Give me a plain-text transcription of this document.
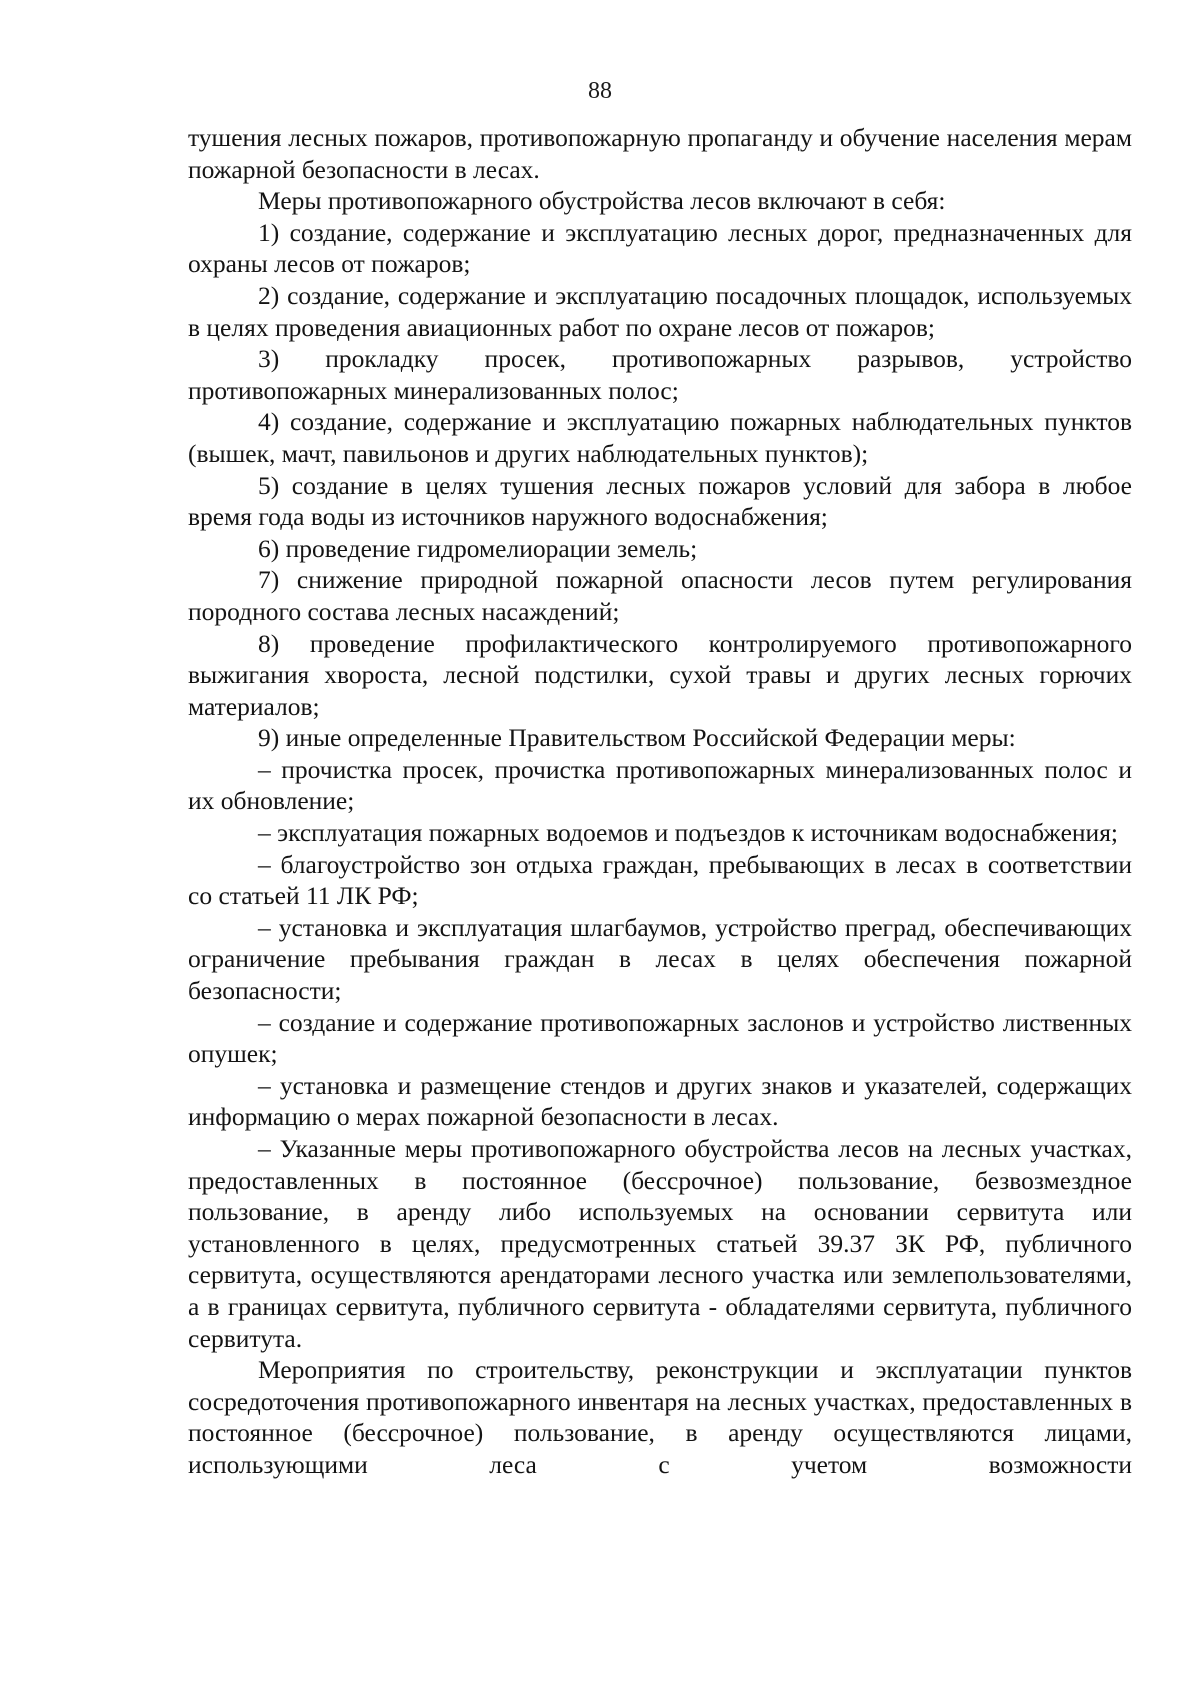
88

тушения лесных пожаров, противопожарную пропаганду и обучение населения мерам пожарной безопасности в лесах.

Меры противопожарного обустройства лесов включают в себя:

1) создание, содержание и эксплуатацию лесных дорог, предназначенных для охраны лесов от пожаров;

2) создание, содержание и эксплуатацию посадочных площадок, используемых в целях проведения авиационных работ по охране лесов от пожаров;

3) прокладку просек, противопожарных разрывов, устройство противопожарных минерализованных полос;

4) создание, содержание и эксплуатацию пожарных наблюдательных пунктов (вышек, мачт, павильонов и других наблюдательных пунктов);

5) создание в целях тушения лесных пожаров условий для забора в любое время года воды из источников наружного водоснабжения;

6) проведение гидромелиорации земель;

7) снижение природной пожарной опасности лесов путем регулирования породного состава лесных насаждений;

8) проведение профилактического контролируемого противопожарного выжигания хвороста, лесной подстилки, сухой травы и других лесных горючих материалов;

9) иные определенные Правительством Российской Федерации меры:

– прочистка просек, прочистка противопожарных минерализованных полос и их обновление;

– эксплуатация пожарных водоемов и подъездов к источникам водоснабжения;

– благоустройство зон отдыха граждан, пребывающих в лесах в соответствии со статьей 11 ЛК РФ;

– установка и эксплуатация шлагбаумов, устройство преград, обеспечивающих ограничение пребывания граждан в лесах в целях обеспечения пожарной безопасности;

– создание и содержание противопожарных заслонов и устройство лиственных опушек;

– установка и размещение стендов и других знаков и указателей, содержащих информацию о мерах пожарной безопасности в лесах.

– Указанные меры противопожарного обустройства лесов на лесных участках, предоставленных в постоянное (бессрочное) пользование, безвозмездное пользование, в аренду либо используемых на основании сервитута или установленного в целях, предусмотренных статьей 39.37 ЗК РФ, публичного сервитута, осуществляются арендаторами лесного участка или землепользователями, а в границах сервитута, публичного сервитута - обладателями сервитута, публичного сервитута.

Мероприятия по строительству, реконструкции и эксплуатации пунктов сосредоточения противопожарного инвентаря на лесных участках, предоставленных в постоянное (бессрочное) пользование, в аренду осуществляются лицами, использующими леса с учетом возможности
